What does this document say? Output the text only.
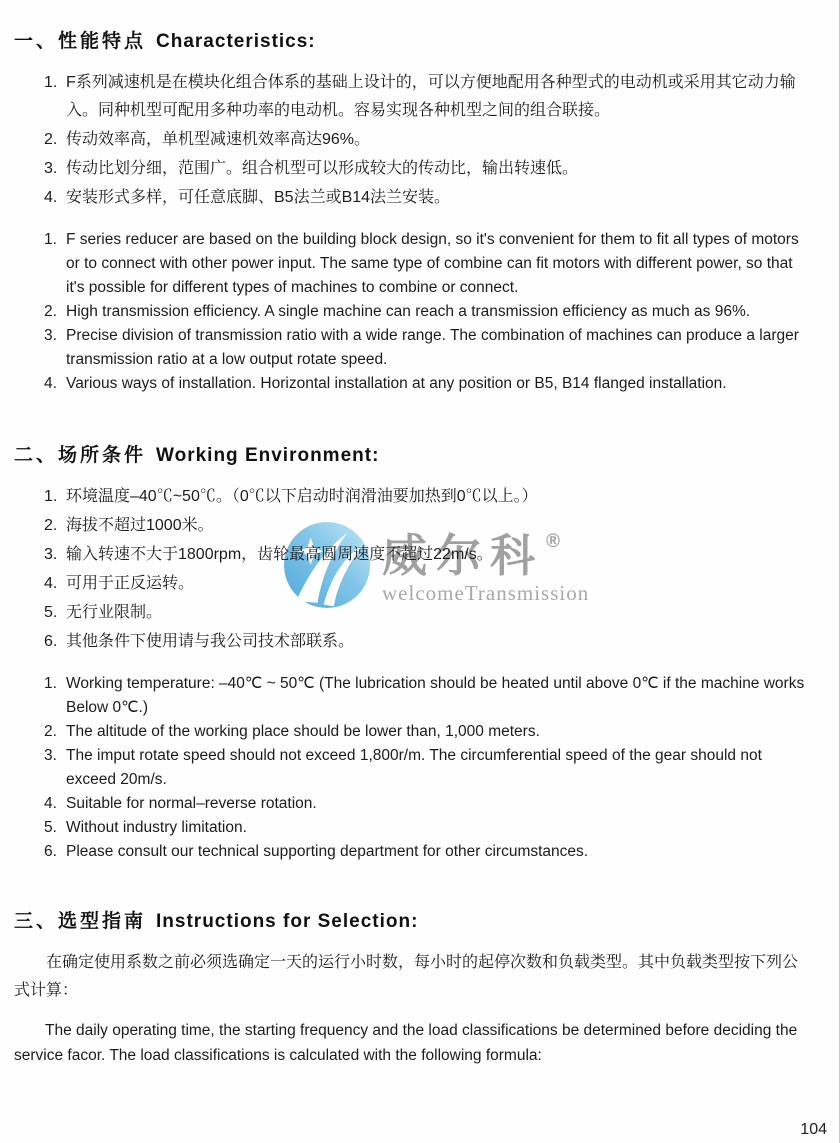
威尔科 ®
welcomeTransmission
一、性能特点 Characteristics:
1. F系列减速机是在模块化组合体系的基础上设计的，可以方便地配用各种型式的电动机或采用其它动力输入。同种机型可配用多种功率的电动机。容易实现各种机型之间的组合联接。
2. 传动效率高，单机型减速机效率高达96%。
3. 传动比划分细，范围广。组合机型可以形成较大的传动比，输出转速低。
4. 安装形式多样，可任意底脚、B5法兰或B14法兰安装。
1. F series reducer are based on the building block design, so it's convenient for them to fit all types of motors or to connect with other power input. The same type of combine can fit motors with different power, so that it's possible for different types of machines to combine or connect.
2. High transmission efficiency. A single machine can reach a transmission efficiency as much as 96%.
3. Precise division of transmission ratio with a wide range. The combination of machines can produce a larger transmission ratio at a low output rotate speed.
4. Various ways of installation. Horizontal installation at any position or B5, B14 flanged installation.
二、场所条件 Working Environment:
1. 环境温度–40℃~50℃。（0℃以下启动时润滑油要加热到0℃以上。）
2. 海拔不超过1000米。
3. 输入转速不大于1800rpm，齿轮最高圆周速度不超过22m/s。
4. 可用于正反运转。
5. 无行业限制。
6. 其他条件下使用请与我公司技术部联系。
1. Working temperature: –40℃ ~ 50℃ (The lubrication should be heated until above 0℃ if the machine works Below 0℃.)
2. The altitude of the working place should be lower than, 1,000 meters.
3. The imput rotate speed should not exceed 1,800r/m. The circumferential speed of the gear should not exceed 20m/s.
4. Suitable for normal–reverse rotation.
5. Without industry limitation.
6. Please consult our technical supporting department for other circumstances.
三、选型指南 Instructions for Selection:
在确定使用系数之前必须选确定一天的运行小时数，每小时的起停次数和负载类型。其中负载类型按下列公式计算：
The daily operating time, the starting frequency and the load classifications be determined before deciding the service facor. The load classifications is calculated with the following formula:
104
